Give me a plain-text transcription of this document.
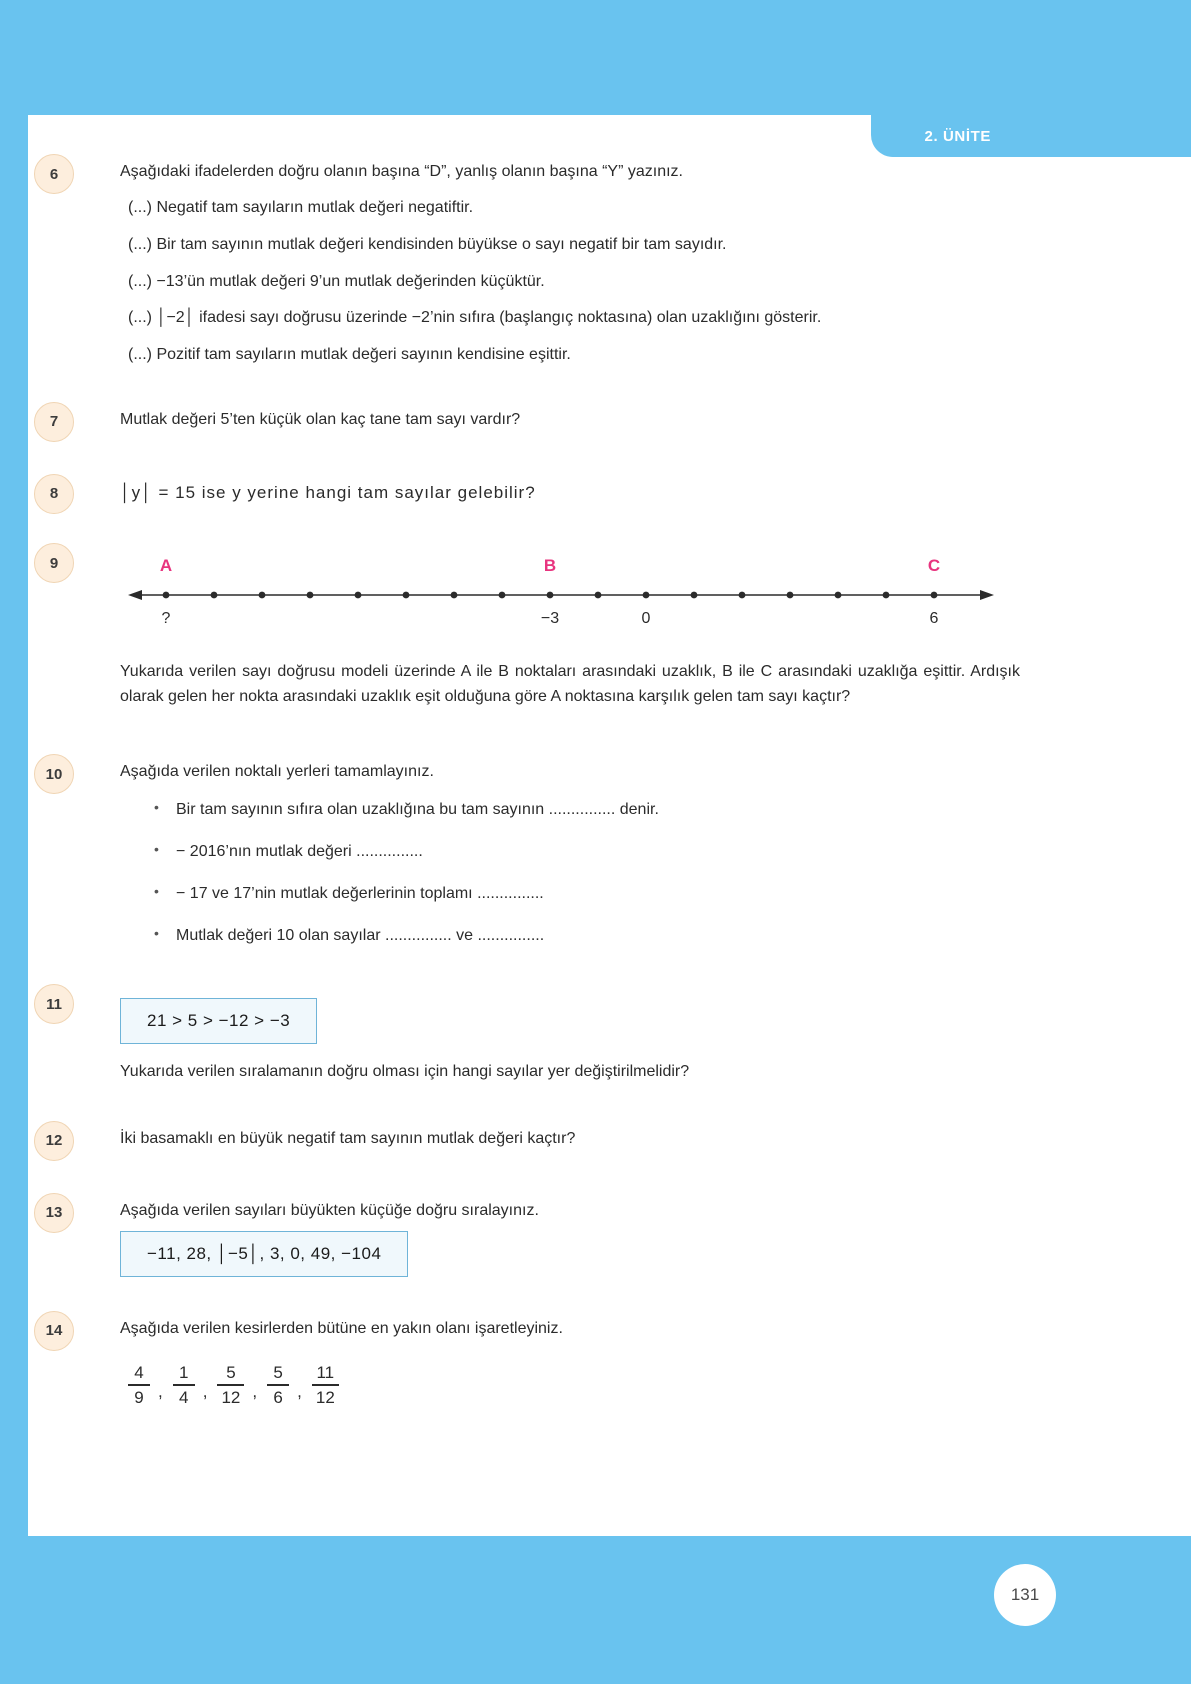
2. ÜNİTE
6	Aşağıdaki ifadelerden doğru olanın başına “D”, yanlış olanın başına “Y” yazınız.
(...) Negatif tam sayıların mutlak değeri negatiftir.
(...) Bir tam sayının mutlak değeri kendisinden büyükse o sayı negatif bir tam sayıdır.
(...) −13’ün mutlak değeri 9’un mutlak değerinden küçüktür.
(...) │−2│ ifadesi sayı doğrusu üzerinde −2’nin sıfıra (başlangıç noktasına) olan uzaklığını gösterir.
(...) Pozitif tam sayıların mutlak değeri sayının kendisine eşittir.
7	Mutlak değeri 5’ten küçük olan kaç tane tam sayı vardır?
8	│y│ = 15 ise y yerine hangi tam sayılar gelebilir?
9	A	B	C
?	−3	0	6
Yukarıda verilen sayı doğrusu modeli üzerinde A ile B noktaları arasındaki uzaklık, B ile C arasındaki uzaklığa eşittir. Ardışık olarak gelen her nokta arasındaki uzaklık eşit olduğuna göre A noktasına karşılık gelen tam sayı kaçtır?
10	Aşağıda verilen noktalı yerleri tamamlayınız.
• Bir tam sayının sıfıra olan uzaklığına bu tam sayının ............... denir.
• − 2016’nın mutlak değeri ...............
• − 17 ve 17’nin mutlak değerlerinin toplamı ...............
• Mutlak değeri 10 olan sayılar ............... ve ...............
11
21 > 5 > −12 > −3
Yukarıda verilen sıralamanın doğru olması için hangi sayılar yer değiştirilmelidir?
12	İki basamaklı en büyük negatif tam sayının mutlak değeri kaçtır?
13	Aşağıda verilen sayıları büyükten küçüğe doğru sıralayınız.
−11, 28, │−5│, 3, 0, 49, −104
14	Aşağıda verilen kesirlerden bütüne en yakın olanı işaretleyiniz.
$\frac{4}{9}$ , $\frac{1}{4}$ , $\frac{5}{12}$ , $\frac{5}{6}$ , $\frac{11}{12}$
131
